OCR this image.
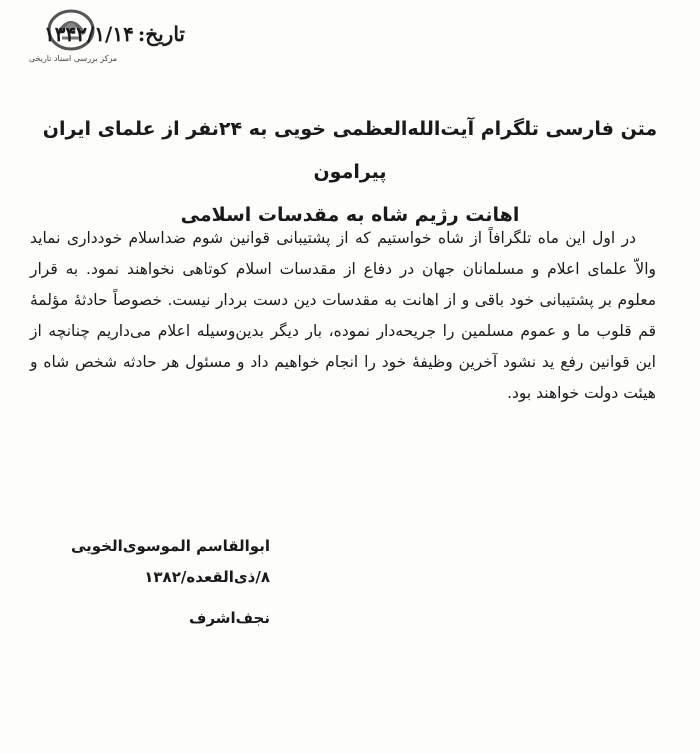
مرکز بررسی اسناد تاریخی
تاریخ:۱۳۴۲/۱/۱۴
متن فارسی تلگرام آیت‌الله‌العظمی خویی به ۲۴نفر از علمای ایران پیرامون
اهانت رژیم شاه به مقدسات اسلامی

در اول این ماه تلگرافاً از شاه خواستیم که از پشتیبانی قوانین شوم ضداسلام خودداری نماید والاّ علمای اعلام و مسلمانان جهان در دفاع از مقدسات اسلام کوتاهی نخواهند نمود. به قرار معلوم بر پشتیبانی خود باقی و از اهانت به مقدسات دین دست بردار نیست. خصوصاً حادثهٔ مؤلمهٔ قم قلوب ما و عموم مسلمین را جریحه‌دار نموده، بار دیگر بدین‌وسیله اعلام می‌داریم چنانچه از این قوانین رفع ید نشود آخرین وظیفهٔ خود را انجام خواهیم داد و مسئول هر حادثه شخص شاه و هیئت دولت خواهند بود.

ابوالقاسم الموسوی‌الخویی
۸/ذی‌القعده/۱۳۸۲
نجف‌اشرف
